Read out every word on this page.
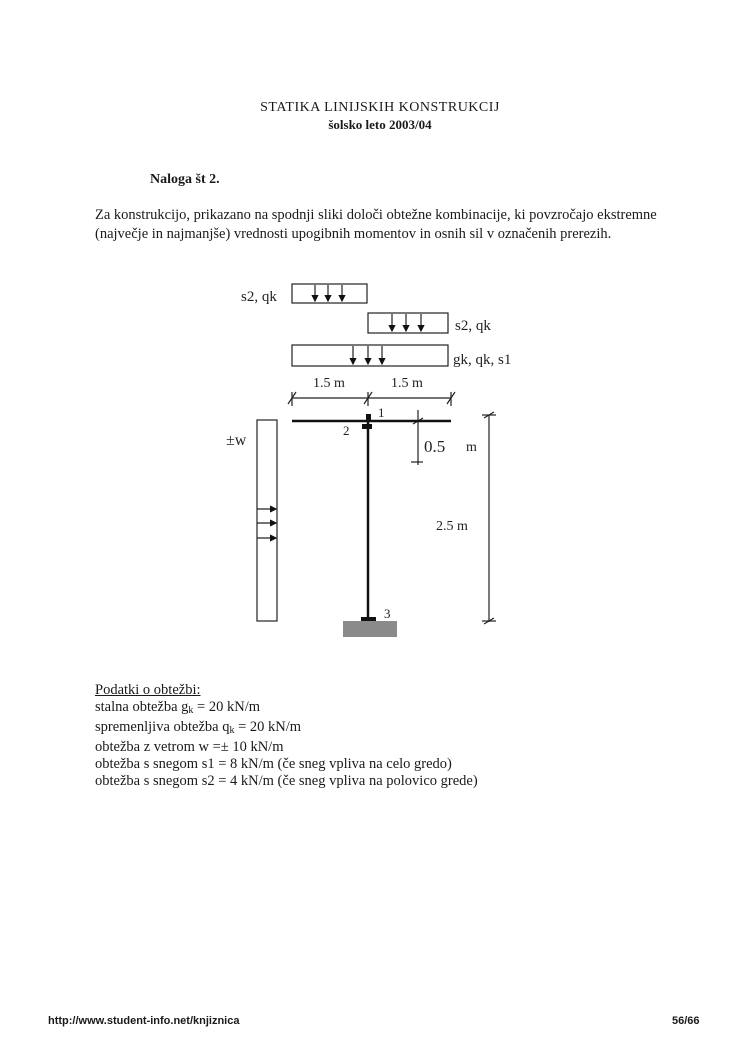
STATIKA LINIJSKIH KONSTRUKCIJ
šolsko leto 2003/04
Naloga št 2.
Za konstrukcijo, prikazano na spodnji sliki določi obtežne kombinacije, ki povzročajo ekstremne (največje in najmanjše) vrednosti upogibnih momentov in osnih sil v označenih prerezih.
s2, qk
s2, qk
gk, qk, s1
1.5 m	1.5 m
±w	0.5 m
2.5 m
1
2
3
Podatki o obtežbi:
stalna obtežba $g_k = 20$ kN/m
spremenljiva obtežba $q_k = 20$ kN/m
obtežba z vetrom w =± 10 kN/m
obtežba s snegom s1 = 8 kN/m (če sneg vpliva na celo gredo)
obtežba s snegom s2 = 4 kN/m (če sneg vpliva na polovico grede)
http://www.student-info.net/knjiznica	56/66
